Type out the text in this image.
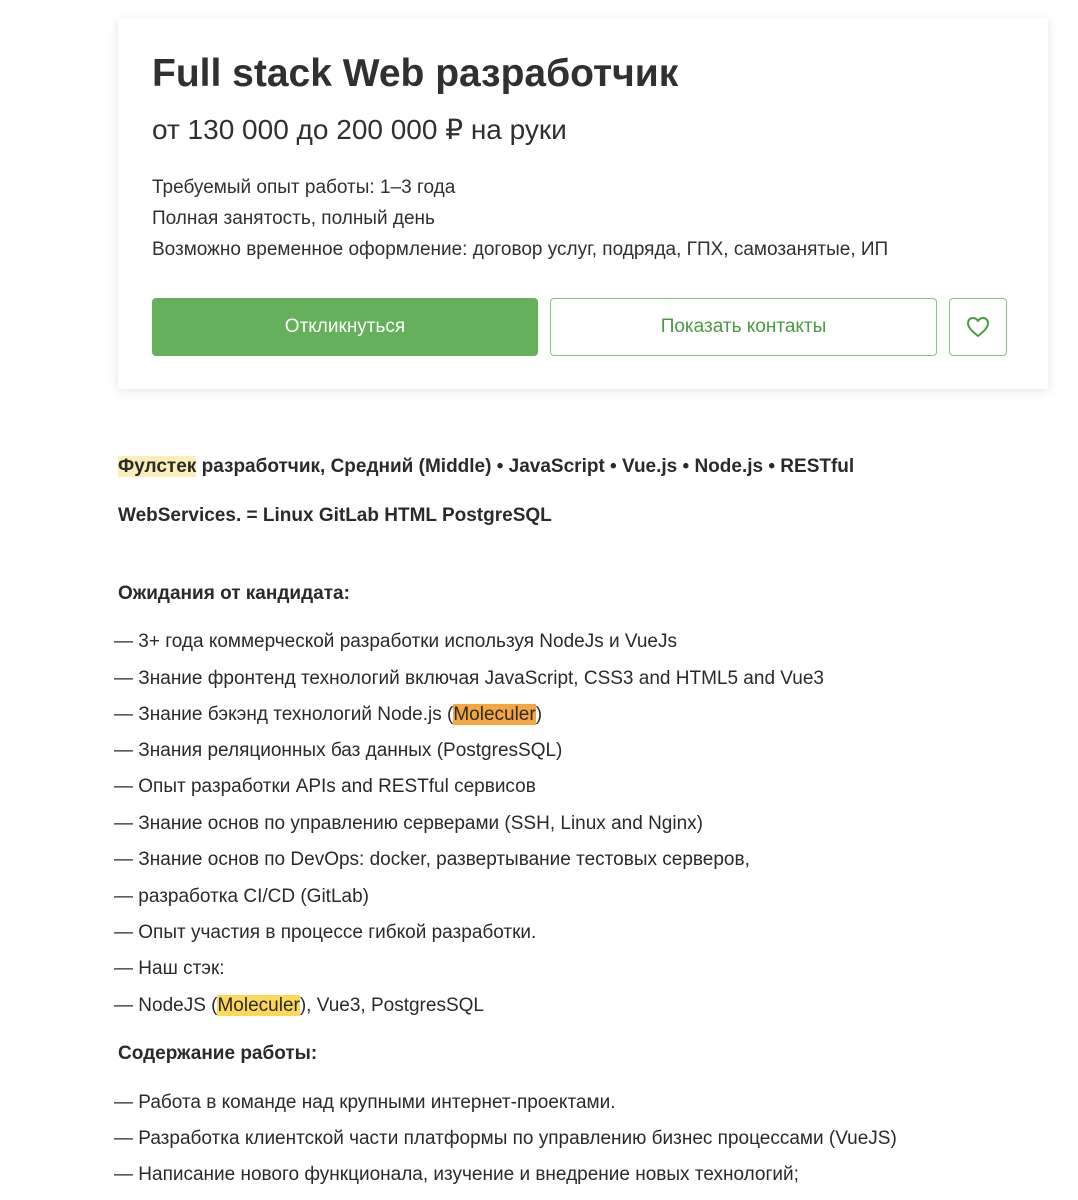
Full stack Web разработчик
от 130 000 до 200 000 ₽ на руки
Требуемый опыт работы: 1–3 года
Полная занятость, полный день
Возможно временное оформление: договор услуг, подряда, ГПХ, самозанятые, ИП
Откликнуться	Показать контакты
Фулстек разработчик, Средний (Middle) • JavaScript • Vue.js • Node.js • RESTful
WebServices. = Linux GitLab HTML PostgreSQL
Ожидания от кандидата:
— 3+ года коммерческой разработки используя NodeJs и VueJs
— Знание фронтенд технологий включая JavaScript, CSS3 and HTML5 and Vue3
— Знание бэкэнд технологий Node.js (Moleculer)
— Знания реляционных баз данных (PostgresSQL)
— Опыт разработки APIs and RESTful сервисов
— Знание основ по управлению серверами (SSH, Linux and Nginx)
— Знание основ по DevOps: docker, развертывание тестовых серверов,
— разработка CI/CD (GitLab)
— Опыт участия в процессе гибкой разработки.
— Наш стэк:
— NodeJS (Moleculer), Vue3, PostgresSQL
Содержание работы:
— Работа в команде над крупными интернет-проектами.
— Разработка клиентской части платформы по управлению бизнес процессами (VueJS)
— Написание нового функционала, изучение и внедрение новых технологий;
